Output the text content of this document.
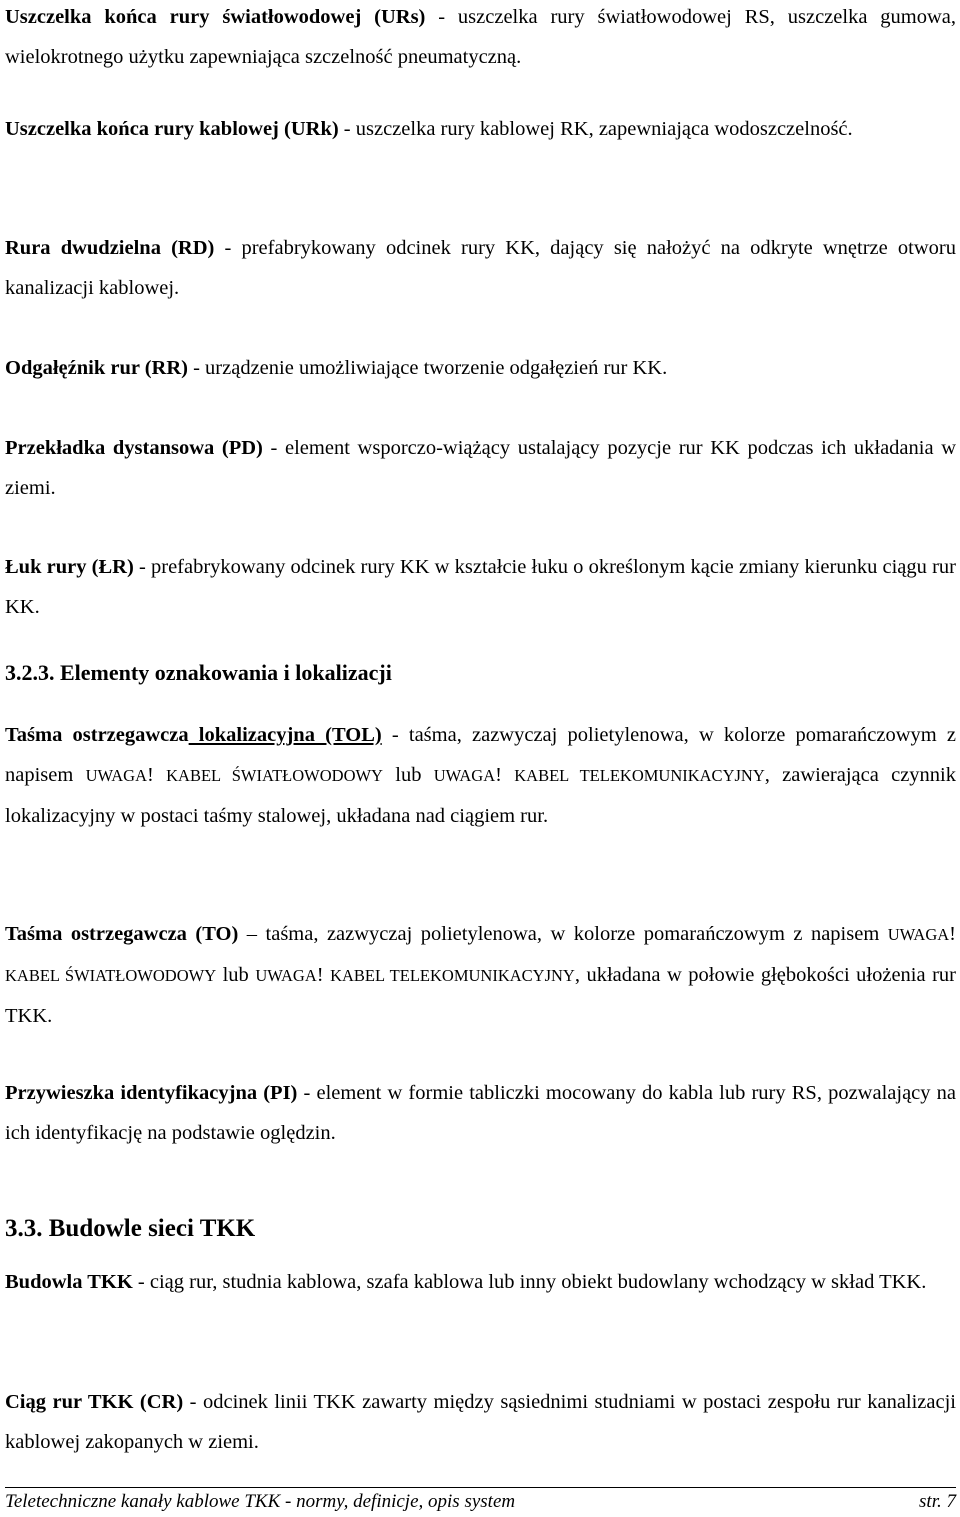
Uszczelka końca rury światłowodowej (URs) - uszczelka rury światłowodowej RS, uszczelka gumowa, wielokrotnego użytku zapewniająca szczelność pneumatyczną.

Uszczelka końca rury kablowej (URk) - uszczelka rury kablowej RK, zapewniająca wodoszczelność.

Rura dwudzielna (RD) - prefabrykowany odcinek rury KK, dający się nałożyć na odkryte wnętrze otworu kanalizacji kablowej.

Odgałęźnik rur (RR) - urządzenie umożliwiające tworzenie odgałęzień rur KK.

Przekładka dystansowa (PD) - element wsporczo-wiążący ustalający pozycje rur KK podczas ich układania w ziemi.

Łuk rury (ŁR) - prefabrykowany odcinek rury KK w kształcie łuku o określonym kącie zmiany kierunku ciągu rur KK.

3.2.3. Elementy oznakowania i lokalizacji

Taśma ostrzegawcza lokalizacyjna (TOL) - taśma, zazwyczaj polietylenowa, w kolorze pomarańczowym z napisem UWAGA! KABEL ŚWIATŁOWODOWY lub UWAGA! KABEL TELEKOMUNIKACYJNY, zawierająca czynnik lokalizacyjny w postaci taśmy stalowej, układana nad ciągiem rur.

Taśma ostrzegawcza (TO) – taśma, zazwyczaj polietylenowa, w kolorze pomarańczowym z napisem UWAGA! KABEL ŚWIATŁOWODOWY lub UWAGA! KABEL TELEKOMUNIKACYJNY, układana w połowie głębokości ułożenia rur TKK.

Przywieszka identyfikacyjna (PI) - element w formie tabliczki mocowany do kabla lub rury RS, pozwalający na ich identyfikację na podstawie oględzin.

3.3. Budowle sieci TKK

Budowla TKK - ciąg rur, studnia kablowa, szafa kablowa lub inny obiekt budowlany wchodzący w skład TKK.

Ciąg rur TKK (CR) - odcinek linii TKK zawarty między sąsiednimi studniami w postaci zespołu rur kanalizacji kablowej zakopanych w ziemi.

Teletechniczne kanały kablowe TKK - normy, definicje, opis system	str. 7
